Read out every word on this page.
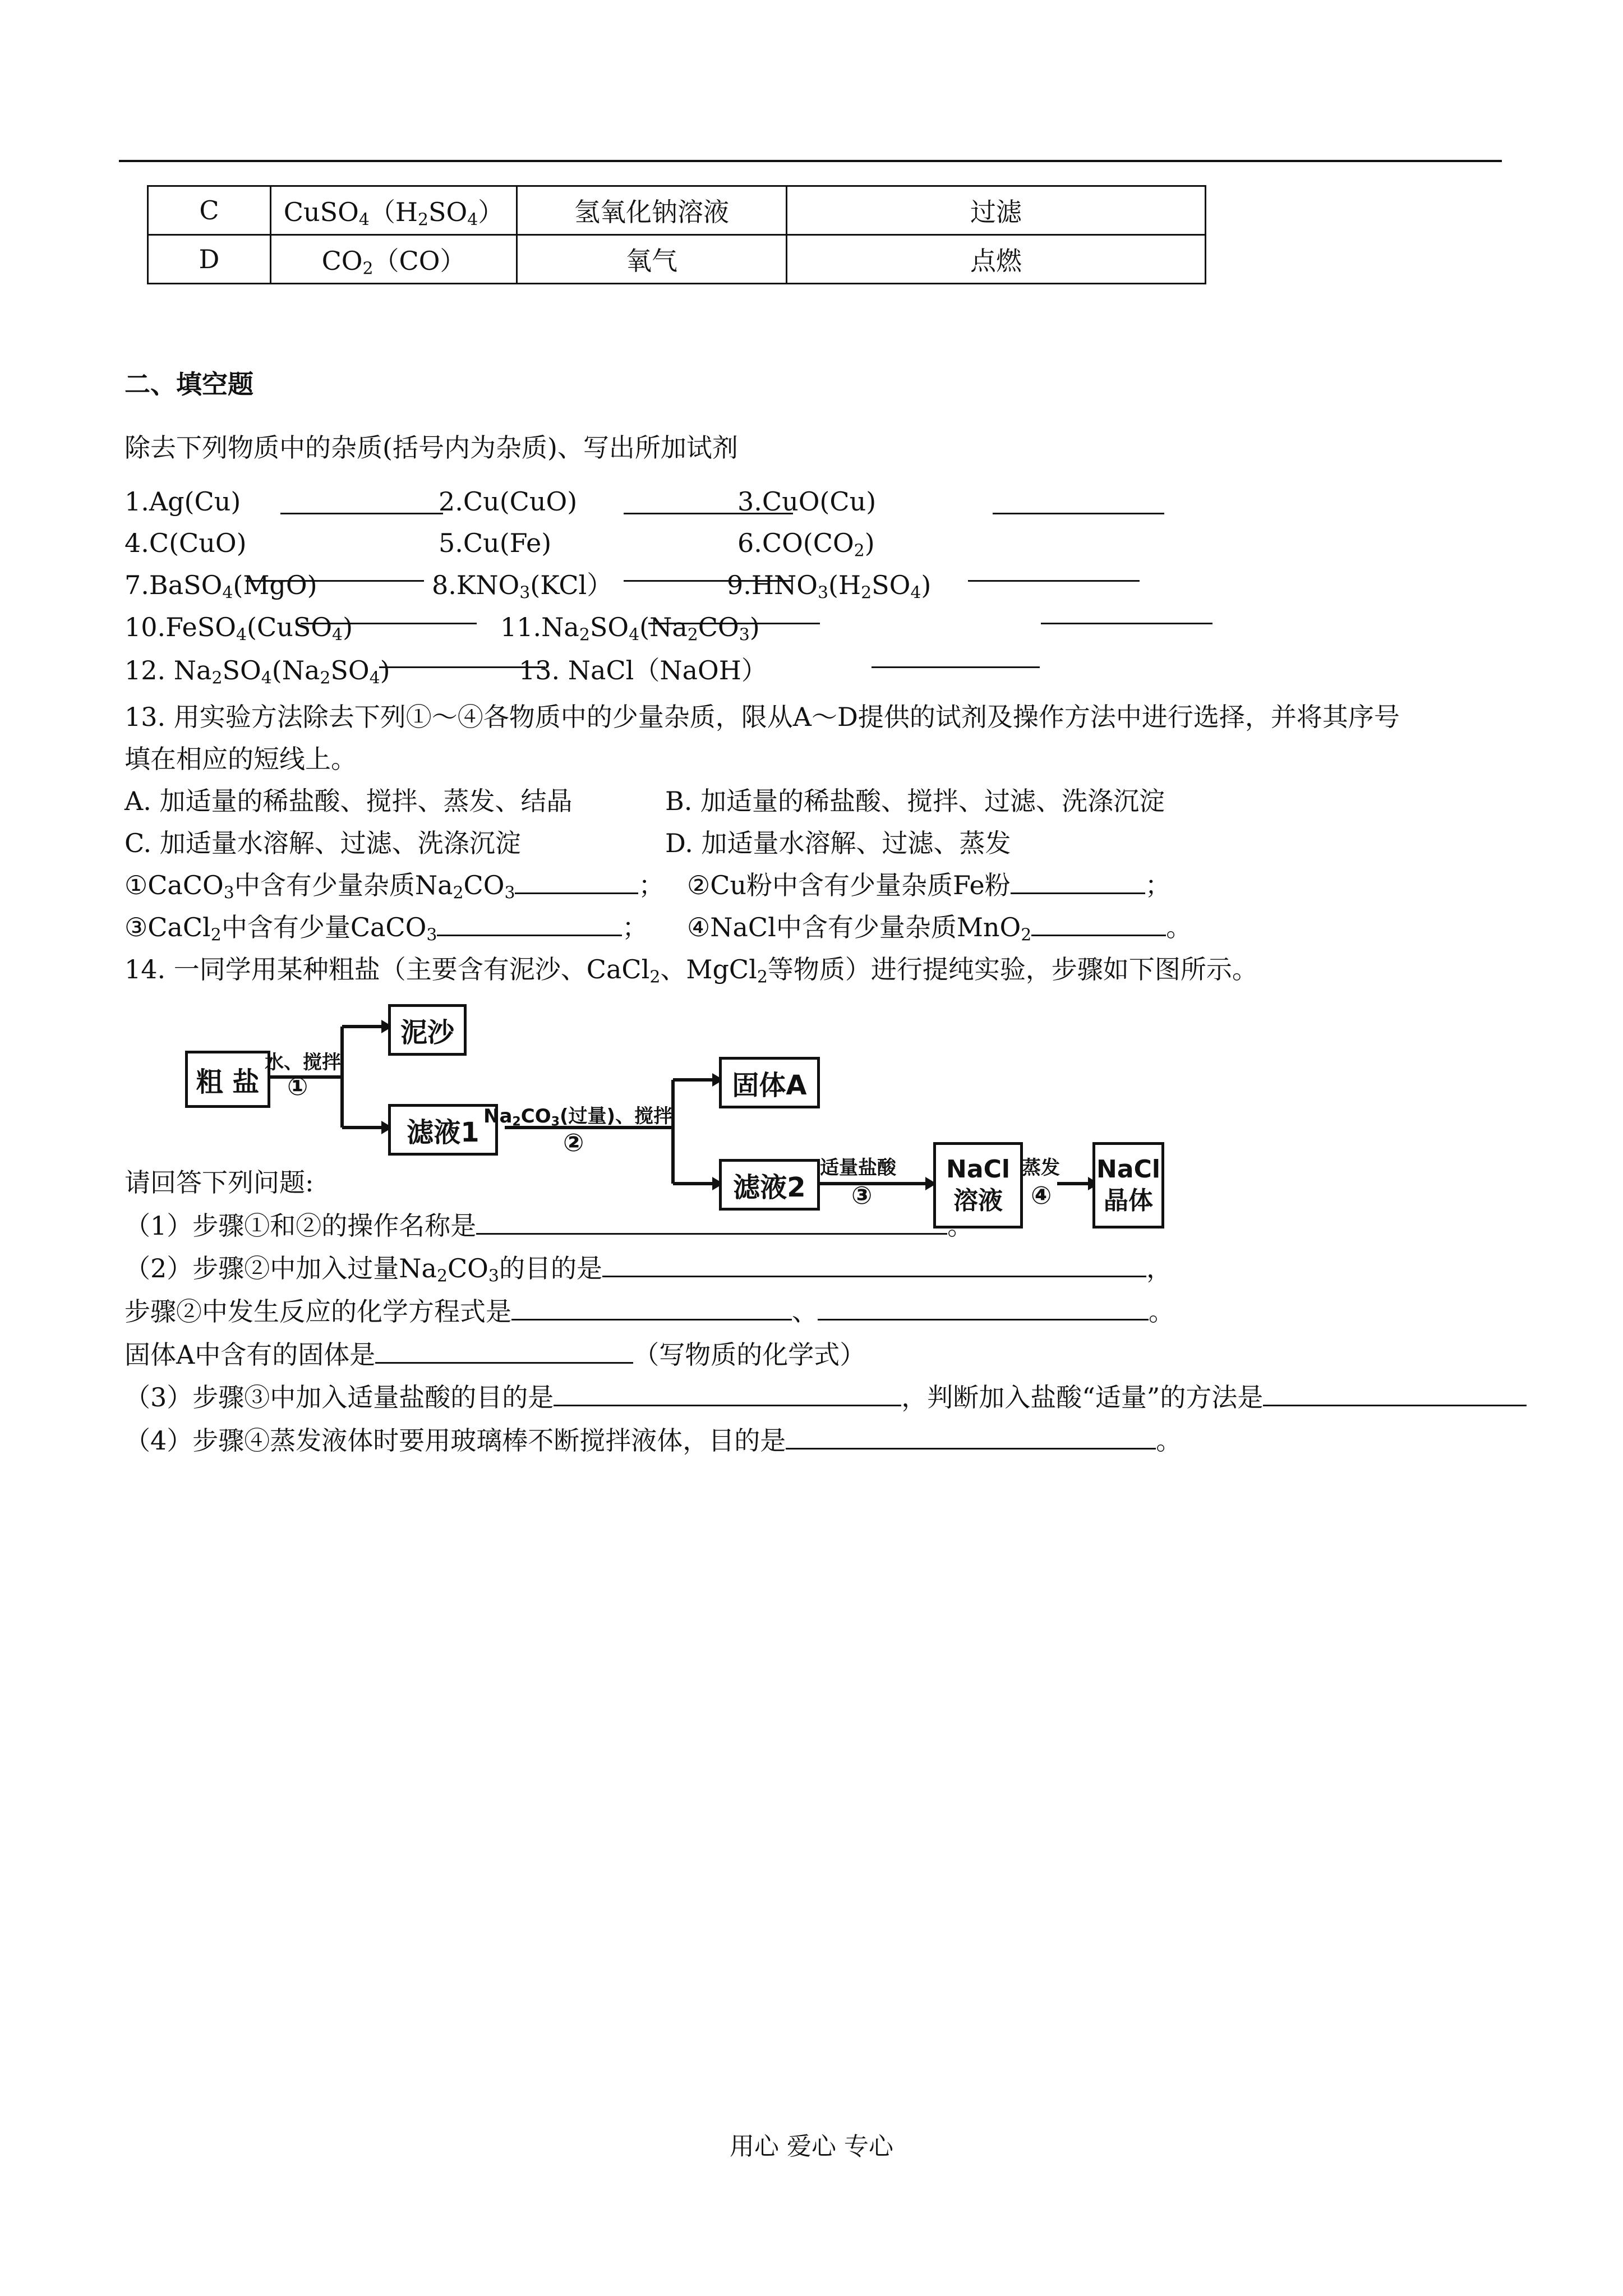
C	$CuSO_4(H_2SO_4)$	氢氧化钠溶液	过滤
D	$CO_2(CO)$	氧气	点燃
二、填空题
除去下列物质中的杂质(括号内为杂质)、写出所加试剂
1.Ag(Cu)	2.Cu(CuO)	3.CuO(Cu)
4.C(CuO)	5.Cu(Fe)	$6.CO(CO_2)$
7.BaSO$_4$(MgO)	$8.KNO_3(KCl)$	$9.HNO_3(H_2SO_4)$
10.FeSO$_4$(CuSO$_4$)	$11.Na_2SO_4(Na_2CO_3)$
12. $Na_2SO_4(Na_2SO_4)$	13. NaCl（NaOH）
13. 用实验方法除去下列①～④各物质中的少量杂质，限从A～D提供的试剂及操作方法中进行选择，并将其序号
填在相应的短线上。
A. 加适量的稀盐酸、搅拌、蒸发、结晶	B. 加适量的稀盐酸、搅拌、过滤、洗涤沉淀
C. 加适量水溶解、过滤、洗涤沉淀	D. 加适量水溶解、过滤、蒸发
①CaCO$_3$中含有少量杂质$Na_2CO_3$	； ②Cu粉中含有少量杂质Fe粉	；
③CaCl$_2$中含有少量CaCO$_3$	； ④NaCl中含有少量杂质MnO$_2$	。
14. 一同学用某种粗盐（主要含有泥沙、CaCl$_2$、MgCl$_2$等物质）进行提纯实验，步骤如下图所示。
粗 盐
泥沙
滤液1
固体A
滤液2
NaCl
溶液
NaCl
晶体
水、搅拌
①
$Na_2CO_3$(过量)、搅拌
②
适量盐酸
③
蒸发
④
请回答下列问题:
（1）步骤①和②的操作名称是	。
（2）步骤②中加入过量$Na_2CO_3$的目的是	，
步骤②中发生反应的化学方程式是	、	。
固体A中含有的固体是	（写物质的化学式）
（3）步骤③中加入适量盐酸的目的是	，判断加入盐酸“适量”的方法是
（4）步骤④蒸发液体时要用玻璃棒不断搅拌液体，目的是	。
用心 爱心 专心
